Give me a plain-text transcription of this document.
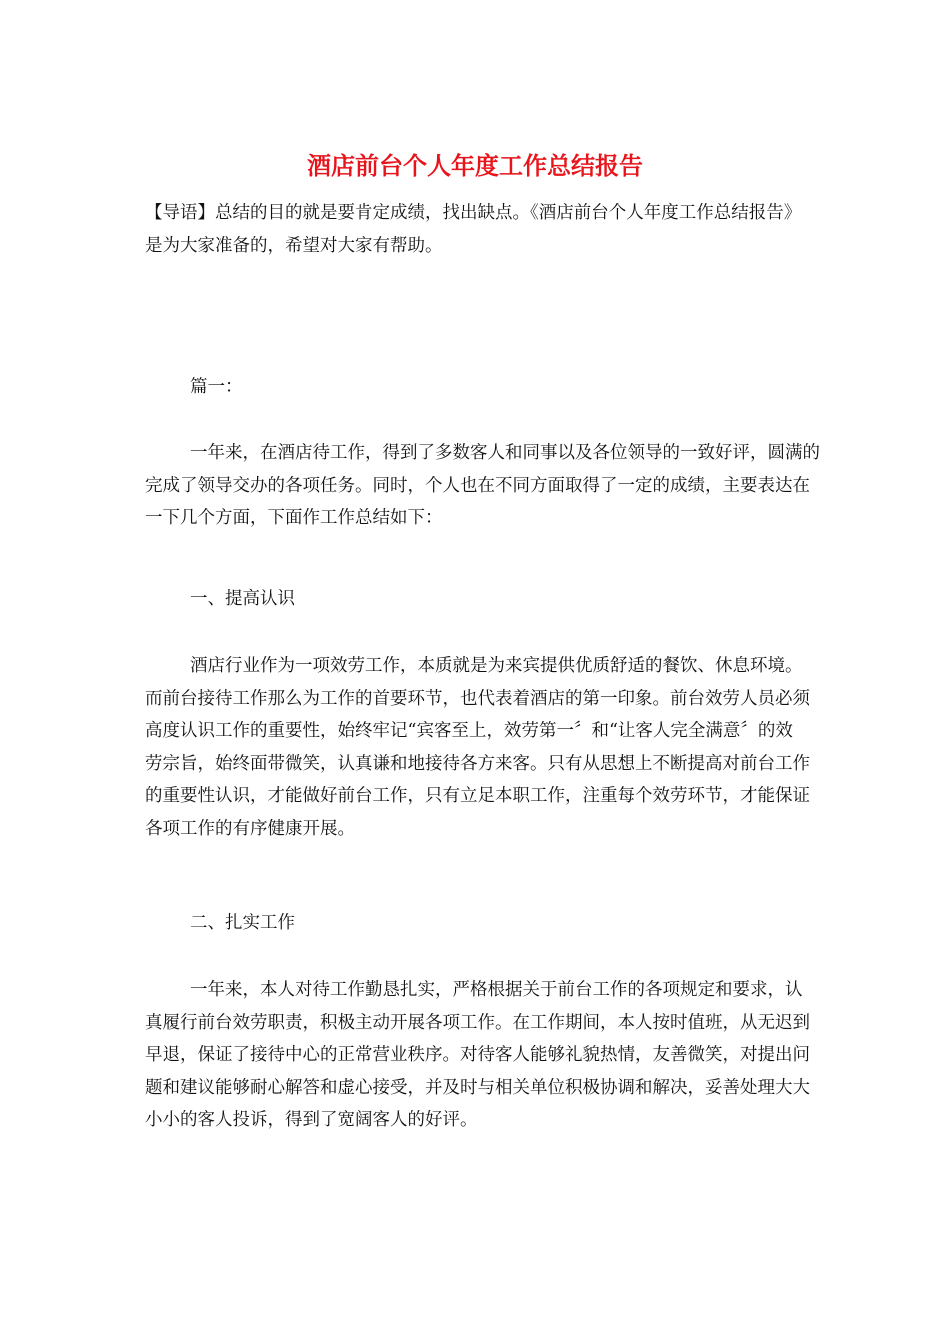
酒店前台个人年度工作总结报告

【导语】总结的目的就是要肯定成绩，找出缺点。《酒店前台个人年度工作总结报告》是为大家准备的，希望对大家有帮助。

篇一：

一年来，在酒店待工作，得到了多数客人和同事以及各位领导的一致好评，圆满的完成了领导交办的各项任务。同时，个人也在不同方面取得了一定的成绩，主要表达在一下几个方面，下面作工作总结如下：

一、提高认识

酒店行业作为一项效劳工作，本质就是为来宾提供优质舒适的餐饮、休息环境。而前台接待工作那么为工作的首要环节，也代表着酒店的第一印象。前台效劳人员必须高度认识工作的重要性，始终牢记“宾客至上，效劳第一〞和“让客人完全满意〞的效劳宗旨，始终面带微笑，认真谦和地接待各方来客。只有从思想上不断提高对前台工作的重要性认识，才能做好前台工作，只有立足本职工作，注重每个效劳环节，才能保证各项工作的有序健康开展。

二、扎实工作

一年来，本人对待工作勤恳扎实，严格根据关于前台工作的各项规定和要求，认真履行前台效劳职责，积极主动开展各项工作。在工作期间，本人按时值班，从无迟到早退，保证了接待中心的正常营业秩序。对待客人能够礼貌热情，友善微笑，对提出问题和建议能够耐心解答和虚心接受，并及时与相关单位积极协调和解决，妥善处理大大小小的客人投诉，得到了宽阔客人的好评。
